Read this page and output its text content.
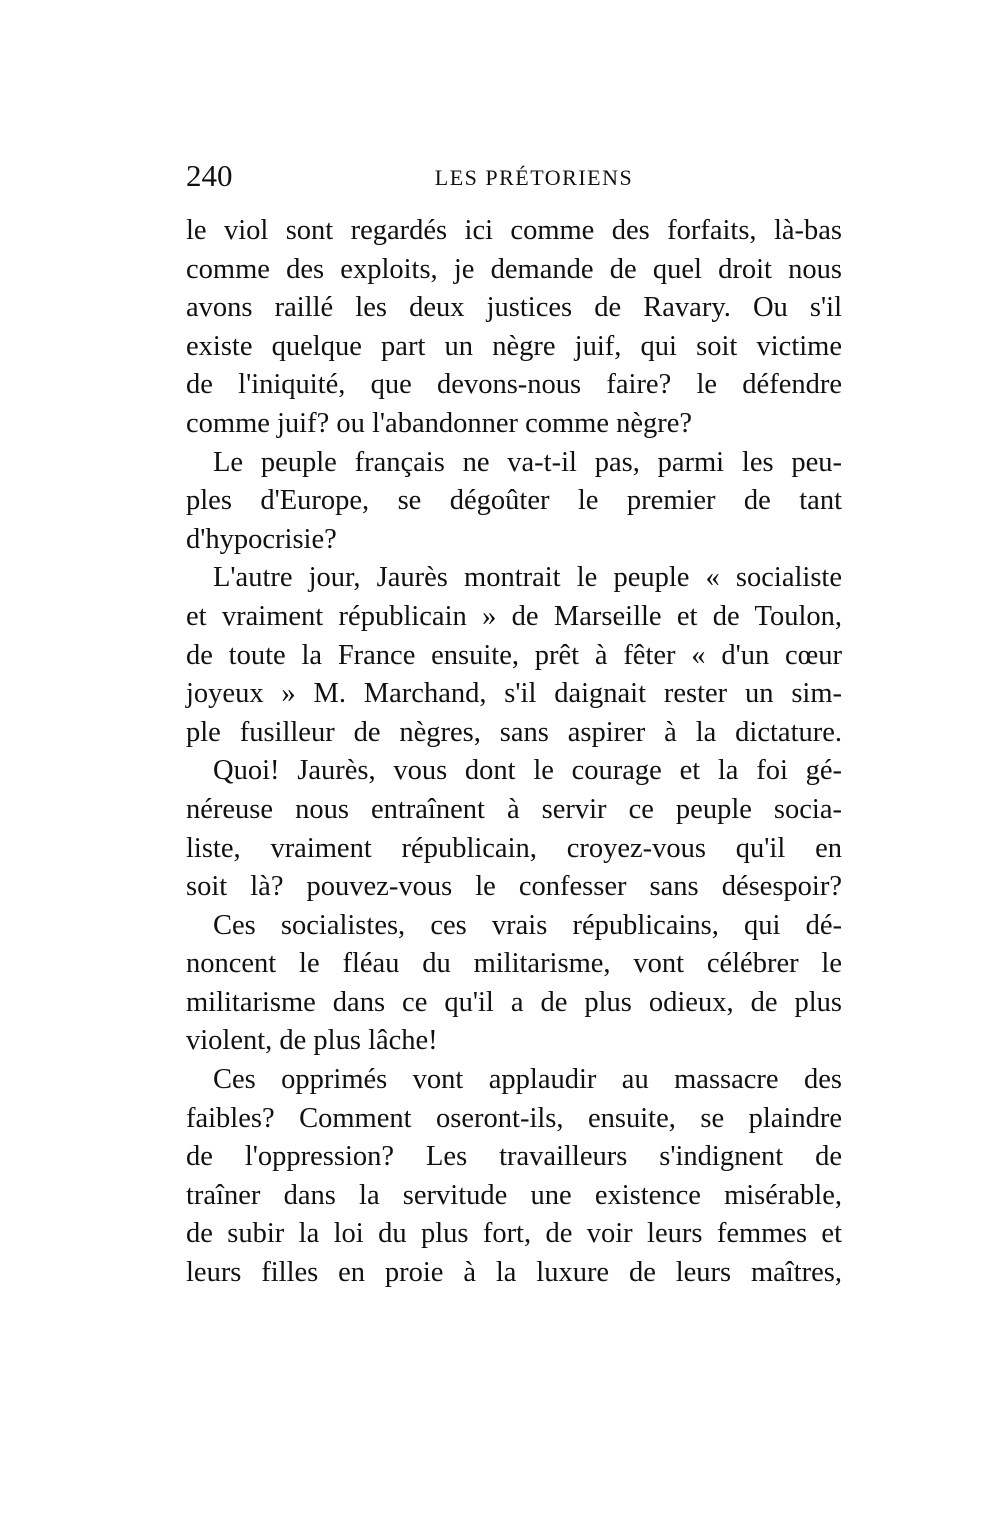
240	LES PRÉTORIENS
le viol sont regardés ici comme des forfaits, là-bas
comme des exploits, je demande de quel droit nous
avons raillé les deux justices de Ravary. Ou s'il
existe quelque part un nègre juif, qui soit victime
de l'iniquité, que devons-nous faire? le défendre
comme juif? ou l'abandonner comme nègre?
Le peuple français ne va-t-il pas, parmi les peu-
ples d'Europe, se dégoûter le premier de tant
d'hypocrisie?
L'autre jour, Jaurès montrait le peuple « socialiste
et vraiment républicain » de Marseille et de Toulon,
de toute la France ensuite, prêt à fêter « d'un cœur
joyeux » M. Marchand, s'il daignait rester un sim-
ple fusilleur de nègres, sans aspirer à la dictature.
Quoi! Jaurès, vous dont le courage et la foi gé-
néreuse nous entraînent à servir ce peuple socia-
liste, vraiment républicain, croyez-vous qu'il en
soit là? pouvez-vous le confesser sans désespoir?
Ces socialistes, ces vrais républicains, qui dé-
noncent le fléau du militarisme, vont célébrer le
militarisme dans ce qu'il a de plus odieux, de plus
violent, de plus lâche!
Ces opprimés vont applaudir au massacre des
faibles? Comment oseront-ils, ensuite, se plaindre
de l'oppression? Les travailleurs s'indignent de
traîner dans la servitude une existence misérable,
de subir la loi du plus fort, de voir leurs femmes et
leurs filles en proie à la luxure de leurs maîtres,
